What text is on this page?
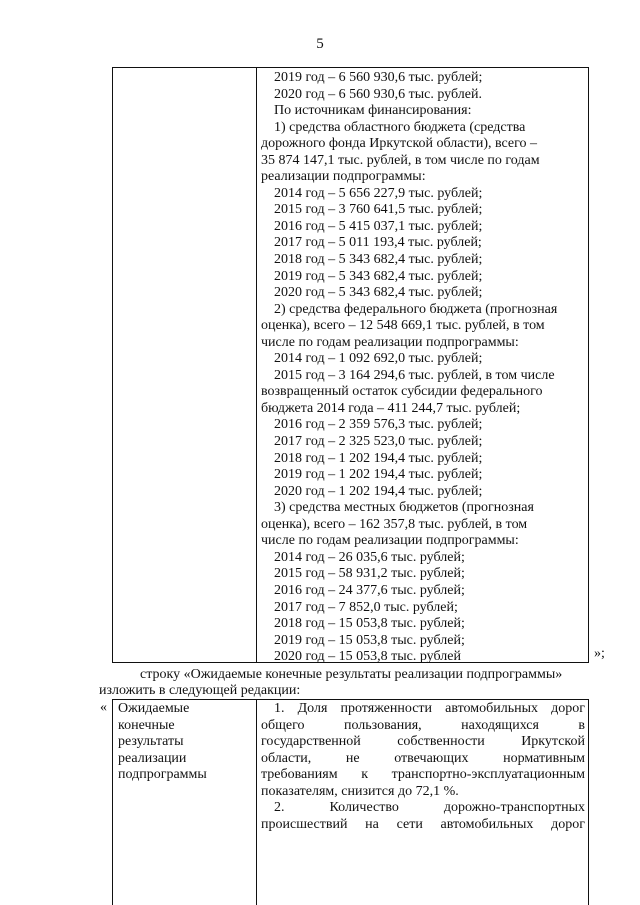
5
2019 год – 6 560 930,6 тыс. рублей;
2020 год – 6 560 930,6 тыс. рублей.
По источникам финансирования:
1) средства областного бюджета (средства
дорожного фонда Иркутской области), всего –
35 874 147,1 тыс. рублей, в том числе по годам
реализации подпрограммы:
2014 год – 5 656 227,9 тыс. рублей;
2015 год – 3 760 641,5 тыс. рублей;
2016 год – 5 415 037,1 тыс. рублей;
2017 год – 5 011 193,4 тыс. рублей;
2018 год – 5 343 682,4 тыс. рублей;
2019 год – 5 343 682,4 тыс. рублей;
2020 год – 5 343 682,4 тыс. рублей;
2) средства федерального бюджета (прогнозная
оценка), всего – 12 548 669,1 тыс. рублей, в том
числе по годам реализации подпрограммы:
2014 год – 1 092 692,0 тыс. рублей;
2015 год – 3 164 294,6 тыс. рублей, в том числе
возвращенный остаток субсидии федерального
бюджета 2014 года – 411 244,7 тыс. рублей;
2016 год – 2 359 576,3 тыс. рублей;
2017 год – 2 325 523,0 тыс. рублей;
2018 год – 1 202 194,4 тыс. рублей;
2019 год – 1 202 194,4 тыс. рублей;
2020 год – 1 202 194,4 тыс. рублей;
3) средства местных бюджетов (прогнозная
оценка), всего – 162 357,8 тыс. рублей, в том
числе по годам реализации подпрограммы:
2014 год – 26 035,6 тыс. рублей;
2015 год – 58 931,2 тыс. рублей;
2016 год – 24 377,6 тыс. рублей;
2017 год – 7 852,0 тыс. рублей;
2018 год – 15 053,8 тыс. рублей;
2019 год – 15 053,8 тыс. рублей;
2020 год – 15 053,8 тыс. рублей	»;
строку «Ожидаемые конечные результаты реализации подпрограммы»
изложить в следующей редакции:
« Ожидаемые
конечные
результаты
реализации
подпрограммы
1. Доля протяженности автомобильных дорог
общего пользования, находящихся в
государственной собственности Иркутской
области, не отвечающих нормативным
требованиям к транспортно-эксплуатационным
показателям, снизится до 72,1 %.
2. Количество дорожно-транспортных
происшествий на сети автомобильных дорог
